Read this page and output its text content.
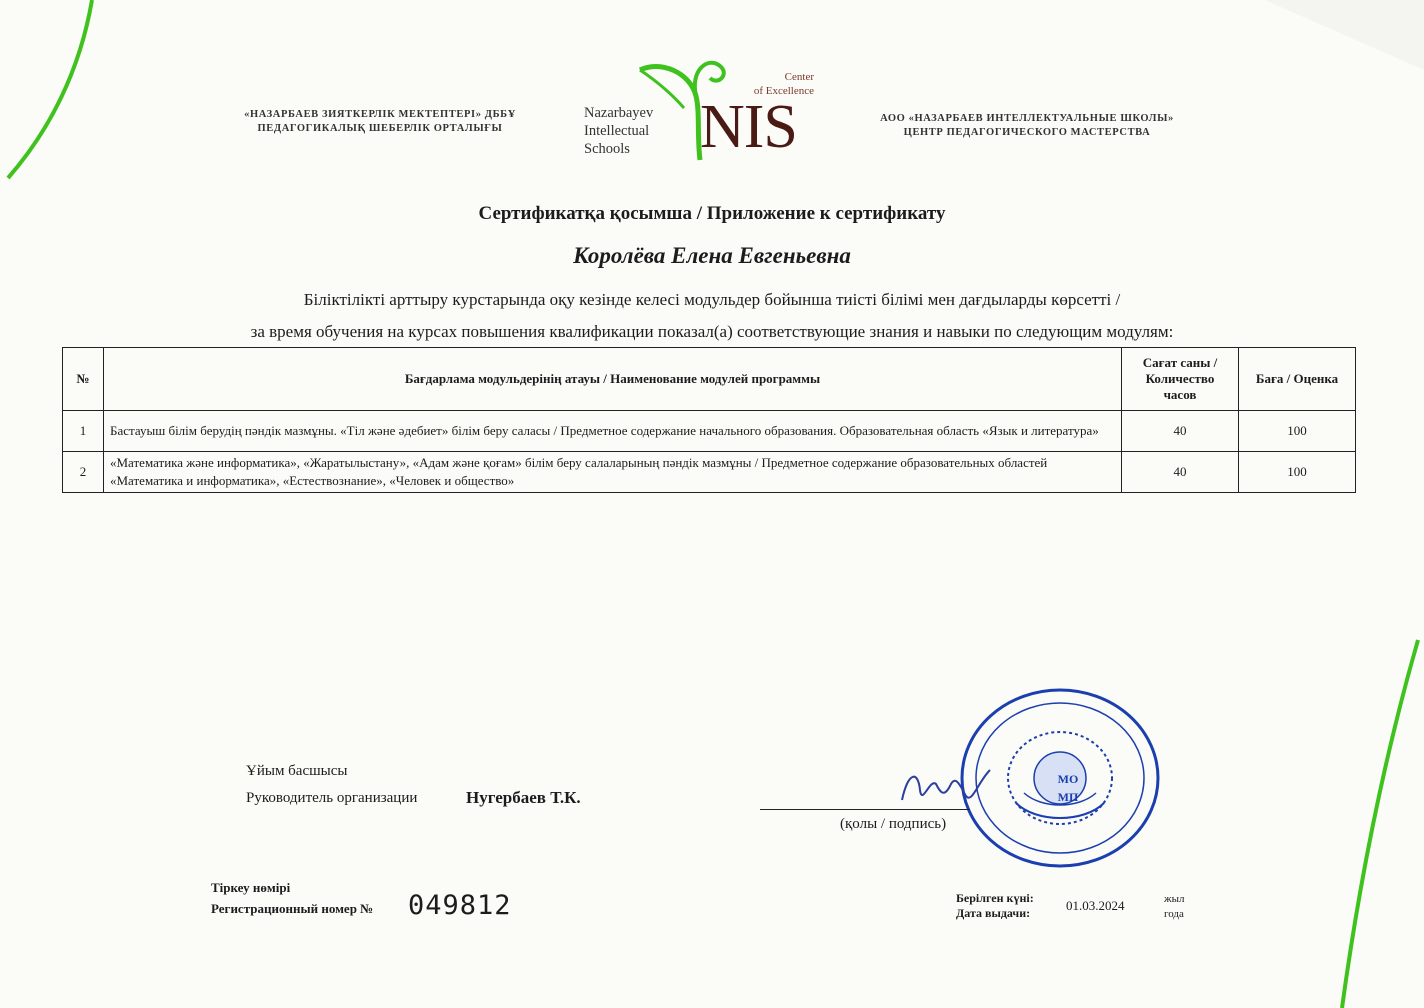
«НАЗАРБАЕВ ЗИЯТКЕРЛІК МЕКТЕПТЕРІ» ДББҰ
ПЕДАГОГИКАЛЫҚ ШЕБЕРЛІК ОРТАЛЫҒЫ
Nazarbayev
Intellectual
Schools
Center
of Excellence
NIS	АОО «НАЗАРБАЕВ ИНТЕЛЛЕКТУАЛЬНЫЕ ШКОЛЫ»
ЦЕНТР ПЕДАГОГИЧЕСКОГО МАСТЕРСТВА
Сертификатқа қосымша / Приложение к сертификату
Королёва Елена Евгеньевна
Біліктілікті арттыру курстарында оқу кезінде келесі модульдер бойынша тиісті білімі мен дағдыларды көрсетті /
за время обучения на курсах повышения квалификации показал(а) соответствующие знания и навыки по следующим модулям:
№	Бағдарлама модульдерінің атауы / Наименование модулей программы	Сағат саны / Количество часов	Баға / Оценка
1	Бастауыш білім берудің пәндік мазмұны. «Тіл және әдебиет» білім беру саласы / Предметное содержание начального образования. Образовательная область «Язык и литература»	40	100
2	«Математика және информатика», «Жаратылыстану», «Адам және қоғам» білім беру салаларының пәндік мазмұны / Предметное содержание образовательных областей «Математика и информатика», «Естествознание», «Человек и общество»	40	100
МО МП
Ұйым басшысы
Руководитель организации	Нугербаев Т.К.
(қолы / подпись)
Тіркеу нөмірі
Регистрационный номер № 049812	Берілген күні:
Дата выдачи:	01.03.2024	жыл
года
